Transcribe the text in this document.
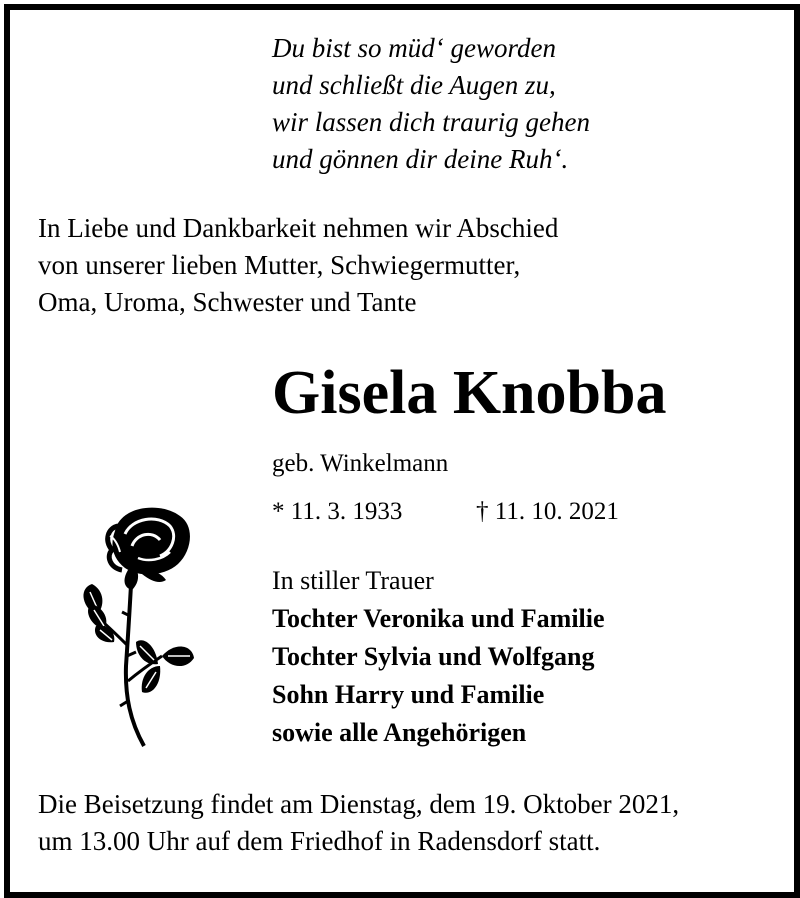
Du bist so müd‘ geworden
und schließt die Augen zu,
wir lassen dich traurig gehen
und gönnen dir deine Ruh‘.
In Liebe und Dankbarkeit nehmen wir Abschied
von unserer lieben Mutter, Schwiegermutter,
Oma, Uroma, Schwester und Tante
Gisela Knobba
geb. Winkelmann
* 11. 3. 1933	† 11. 10. 2021
In stiller Trauer
Tochter Veronika und Familie
Tochter Sylvia und Wolfgang
Sohn Harry und Familie
sowie alle Angehörigen
Die Beisetzung findet am Dienstag, dem 19. Oktober 2021,
um 13.00 Uhr auf dem Friedhof in Radensdorf statt.
